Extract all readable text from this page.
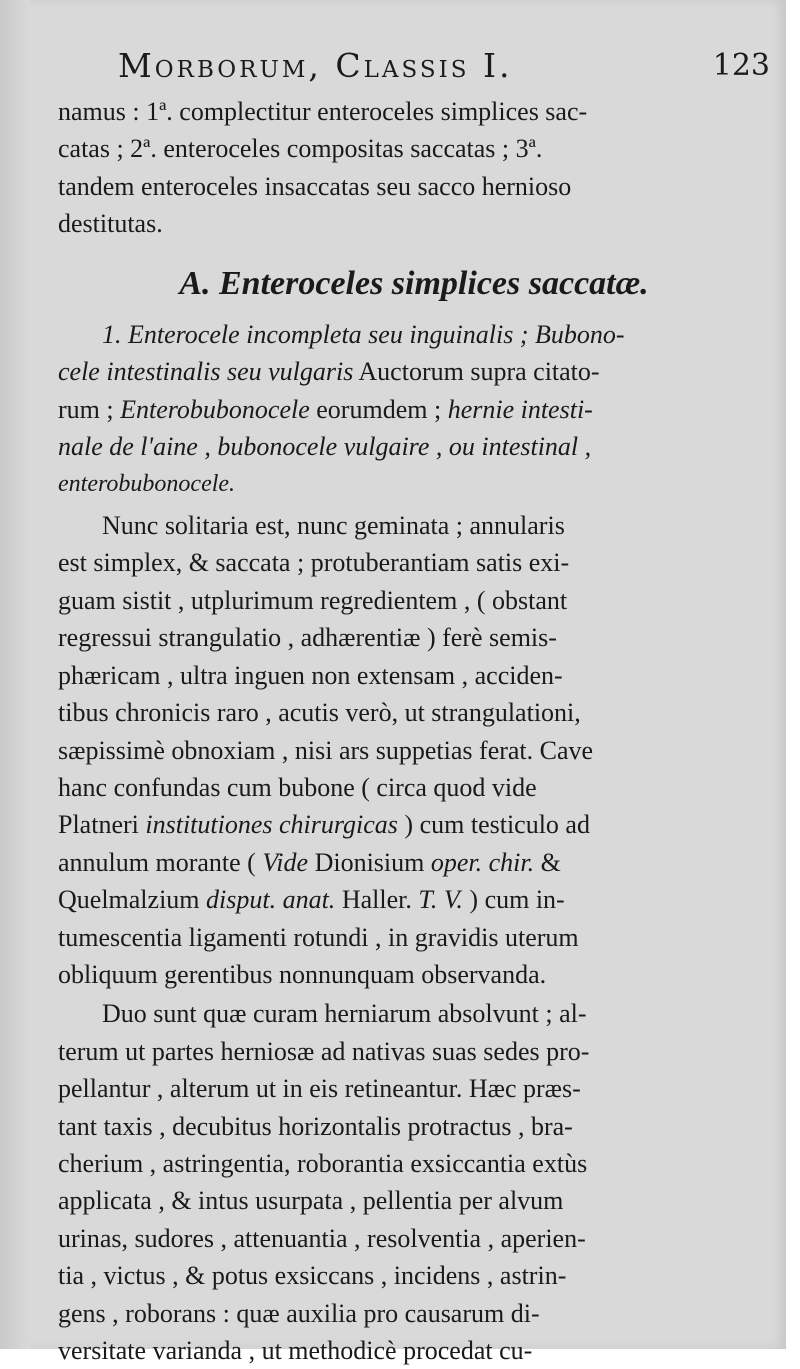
Morborum, Classis I.	123

namus : 1ª. complectitur enteroceles simplices sac-
catas ; 2ª. enteroceles compositas saccatas ; 3ª.
tandem enteroceles insaccatas seu sacco hernioso
destitutas.

A. Enteroceles simplices saccatæ.

1. Enterocele incompleta seu inguinalis ; Bubono-
cele intestinalis seu vulgaris Auctorum supra citato-
rum ; Enterobubonocele eorumdem ; hernie intesti-
nale de l'aine , bubonocele vulgaire , ou intestinal ,
enterobubonocele.

Nunc solitaria est, nunc geminata ; annularis
est simplex, & saccata ; protuberantiam satis exi-
guam sistit , utplurimum regredientem , ( obstant
regressui strangulatio , adhærentiæ ) ferè semis-
phæricam , ultra inguen non extensam , acciden-
tibus chronicis raro , acutis verò, ut strangulationi,
sæpissimè obnoxiam , nisi ars suppetias ferat. Cave
hanc confundas cum bubone ( circa quod vide
Platneri institutiones chirurgicas ) cum testiculo ad
annulum morante ( Vide Dionisium oper. chir. &
Quelmalzium disput. anat. Haller. T. V. ) cum in-
tumescentia ligamenti rotundi , in gravidis uterum
obliquum gerentibus nonnunquam observanda.

Duo sunt quæ curam herniarum absolvunt ; al-
terum ut partes herniosæ ad nativas suas sedes pro-
pellantur , alterum ut in eis retineantur. Hæc præs-
tant taxis , decubitus horizontalis protractus , bra-
cherium , astringentia, roborantia exsiccantia extùs
applicata , & intus usurpata , pellentia per alvum
urinas, sudores , attenuantia , resolventia , aperien-
tia , victus , & potus exsiccans , incidens , astrin-
gens , roborans : quæ auxilia pro causarum di-
versitate varianda , ut methodicè procedat cu-
